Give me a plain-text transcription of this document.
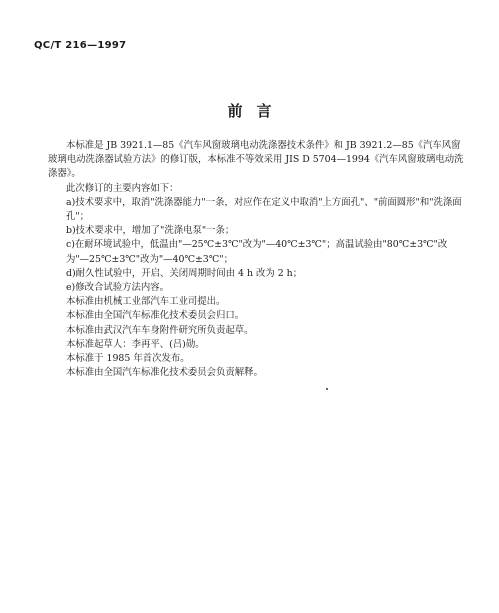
QC/T 216—1997
前言

本标准是 JB 3921.1—85《汽车风窗玻璃电动洗涤器技术条件》和 JB 3921.2—85《汽车风窗玻璃电动洗涤器试验方法》的修订版，本标准不等效采用 JIS D 5704—1994《汽车风窗玻璃电动洗涤器》。

此次修订的主要内容如下：

a)技术要求中，取消"洗涤器能力"一条，对应作在定义中取消"上方面孔"、"前面圆形"和"洗涤面孔"；

b)技术要求中，增加了"洗涤电泵"一条；

c)在耐环境试验中，低温由"—25℃±3℃"改为"—40℃±3℃"；高温试验由"80℃±3℃"改为"—25℃±3℃"改为"—40℃±3℃"；

d)耐久性试验中，开启、关闭周期时间由 4 h 改为 2 h；

e)修改合试验方法内容。

本标准由机械工业部汽车工业司提出。

本标准由全国汽车标准化技术委员会归口。

本标准由武汉汽车车身附件研究所负责起草。

本标准起草人：李再平、(吕)勋。

本标准于 1985 年首次发布。

本标准由全国汽车标准化技术委员会负责解释。
